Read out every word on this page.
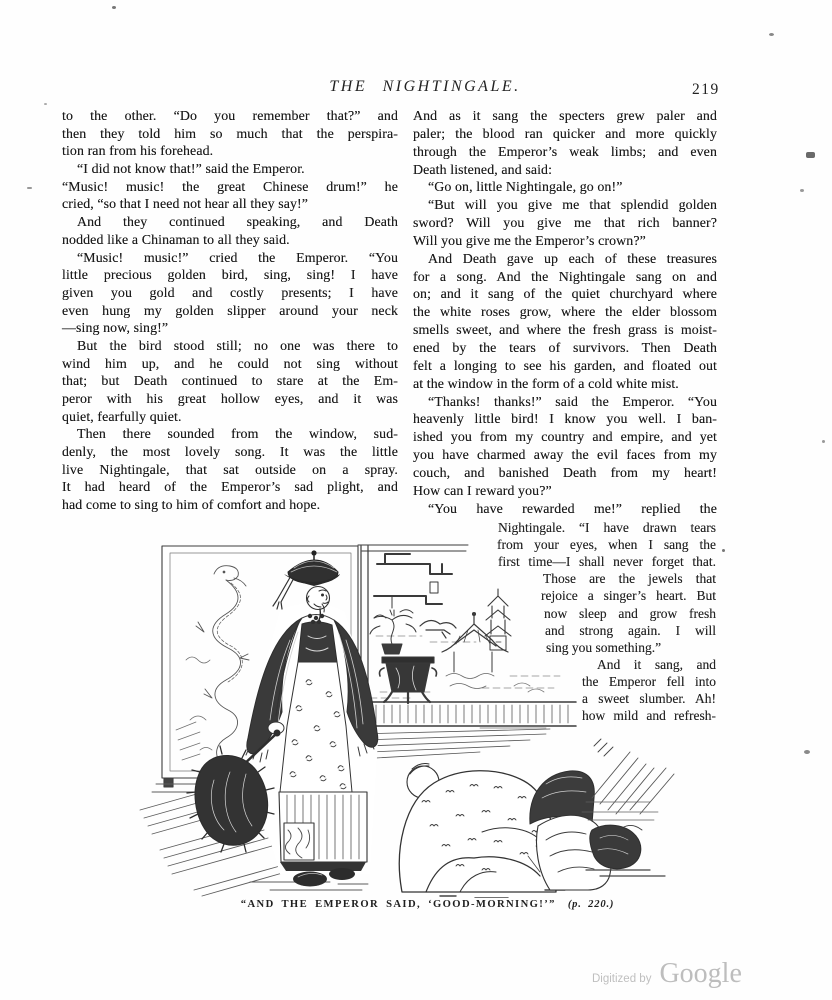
THE NIGHTINGALE.	219
to the other. “Do you remember that?” and
then they told him so much that the perspira-
tion ran from his forehead.
“I did not know that!” said the Emperor.
“Music! music! the great Chinese drum!” he
cried, “so that I need not hear all they say!”
And they continued speaking, and Death
nodded like a Chinaman to all they said.
“Music! music!” cried the Emperor. “You
little precious golden bird, sing, sing! I have
given you gold and costly presents; I have
even hung my golden slipper around your neck
—sing now, sing!”
But the bird stood still; no one was there to
wind him up, and he could not sing without
that; but Death continued to stare at the Em-
peror with his great hollow eyes, and it was
quiet, fearfully quiet.
Then there sounded from the window, sud-
denly, the most lovely song. It was the little
live Nightingale, that sat outside on a spray.
It had heard of the Emperor’s sad plight, and
had come to sing to him of comfort and hope.
And as it sang the specters grew paler and
paler; the blood ran quicker and more quickly
through the Emperor’s weak limbs; and even
Death listened, and said:
“Go on, little Nightingale, go on!”
“But will you give me that splendid golden
sword? Will you give me that rich banner?
Will you give me the Emperor’s crown?”
And Death gave up each of these treasures
for a song. And the Nightingale sang on and
on; and it sang of the quiet churchyard where
the white roses grow, where the elder blossom
smells sweet, and where the fresh grass is moist-
ened by the tears of survivors. Then Death
felt a longing to see his garden, and floated out
at the window in the form of a cold white mist.
“Thanks! thanks!” said the Emperor. “You
heavenly little bird! I know you well. I ban-
ished you from my country and empire, and yet
you have charmed away the evil faces from my
couch, and banished Death from my heart!
How can I reward you?”
“You have rewarded me!” replied the
Nightingale. “I have drawn tears
from your eyes, when I sang the
first time—I shall never forget that.
Those are the jewels that
rejoice a singer’s heart. But
now sleep and grow fresh
and strong again. I will
sing you something.”
And it sang, and
the Emperor fell into
a sweet slumber. Ah!
how mild and refresh-
“AND THE EMPEROR SAID, ‘GOOD-MORNING!’” (p. 220.)
Digitized by Google
